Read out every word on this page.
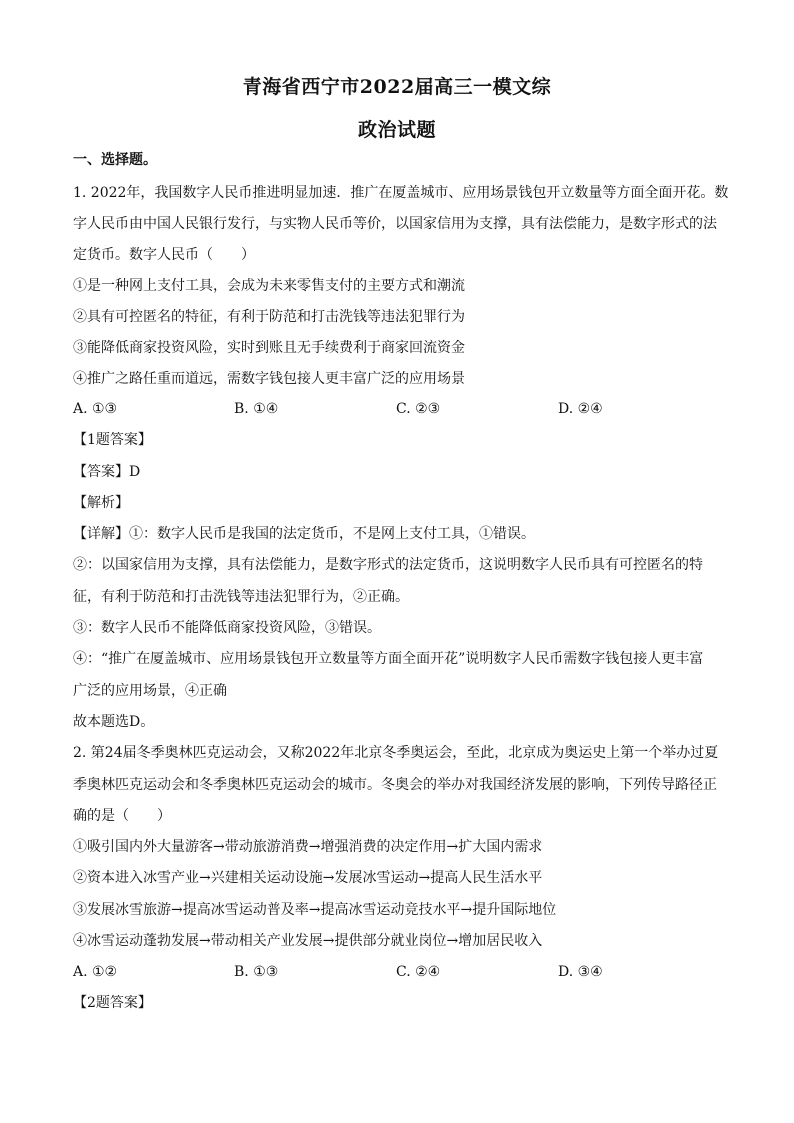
青海省西宁市2022届高三一模文综
政治试题
一、选择题。
1. 2022年，我国数字人民币推进明显加速．推广在厦盖城市、应用场景钱包开立数量等方面全面开花。数
字人民币由中国人民银行发行，与实物人民币等价，以国家信用为支撑，具有法偿能力，是数字形式的法
定货币。数字人民币（　　）
①是一种网上支付工具，会成为未来零售支付的主要方式和潮流
②具有可控匿名的特征，有利于防范和打击洗钱等违法犯罪行为
③能降低商家投资风险，实时到账且无手续费利于商家回流资金
④推广之路任重而道远，需数字钱包接人更丰富广泛的应用场景
A. ①③	B. ①④	C. ②③	D. ②④
【1题答案】
【答案】D
【解析】
【详解】①：数字人民币是我国的法定货币，不是网上支付工具，①错误。
②：以国家信用为支撑，具有法偿能力，是数字形式的法定货币，这说明数字人民币具有可控匿名的特
征，有利于防范和打击洗钱等违法犯罪行为，②正确。
③：数字人民币不能降低商家投资风险，③错误。
④：“推广在厦盖城市、应用场景钱包开立数量等方面全面开花”说明数字人民币需数字钱包接人更丰富
广泛的应用场景，④正确
故本题选D。
2. 第24届冬季奥林匹克运动会，又称2022年北京冬季奥运会，至此，北京成为奥运史上第一个举办过夏
季奥林匹克运动会和冬季奥林匹克运动会的城市。冬奥会的举办对我国经济发展的影响，下列传导路径正
确的是（　　）
①吸引国内外大量游客→带动旅游消费→增强消费的决定作用→扩大国内需求
②资本进入冰雪产业→兴建相关运动设施→发展冰雪运动→提高人民生活水平
③发展冰雪旅游→提高冰雪运动普及率→提高冰雪运动竞技水平→提升国际地位
④冰雪运动蓬勃发展→带动相关产业发展→提供部分就业岗位→增加居民收入
A. ①②	B. ①③	C. ②④	D. ③④
【2题答案】
